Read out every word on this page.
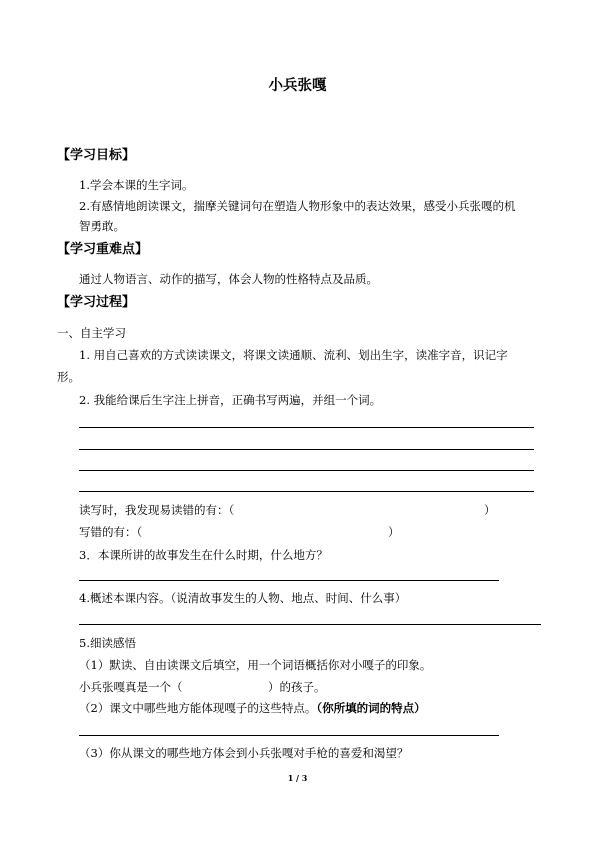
小兵张嘎
【学习目标】
1.学会本课的生字词。
2.有感情地朗读课文，揣摩关键词句在塑造人物形象中的表达效果，感受小兵张嘎的机
智勇敢。
【学习重难点】
通过人物语言、动作的描写，体会人物的性格特点及品质。
【学习过程】
一、自主学习
1. 用自己喜欢的方式读读课文，将课文读通顺、流利、划出生字，读准字音，识记字
形。
2. 我能给课后生字注上拼音，正确书写两遍，并组一个词。
读写时，我发现易读错的有：（	）
写错的有：（	）
3．本课所讲的故事发生在什么时期，什么地方？
4.概述本课内容。（说清故事发生的人物、地点、时间、什么事）
5.细读感悟
（1）默读、自由读课文后填空，用一个词语概括你对小嘎子的印象。
小兵张嘎真是一个（	）的孩子。
（2）课文中哪些地方能体现嘎子的这些特点。（你所填的词的特点）
（3）你从课文的哪些地方体会到小兵张嘎对手枪的喜爱和渴望？
1 / 3
